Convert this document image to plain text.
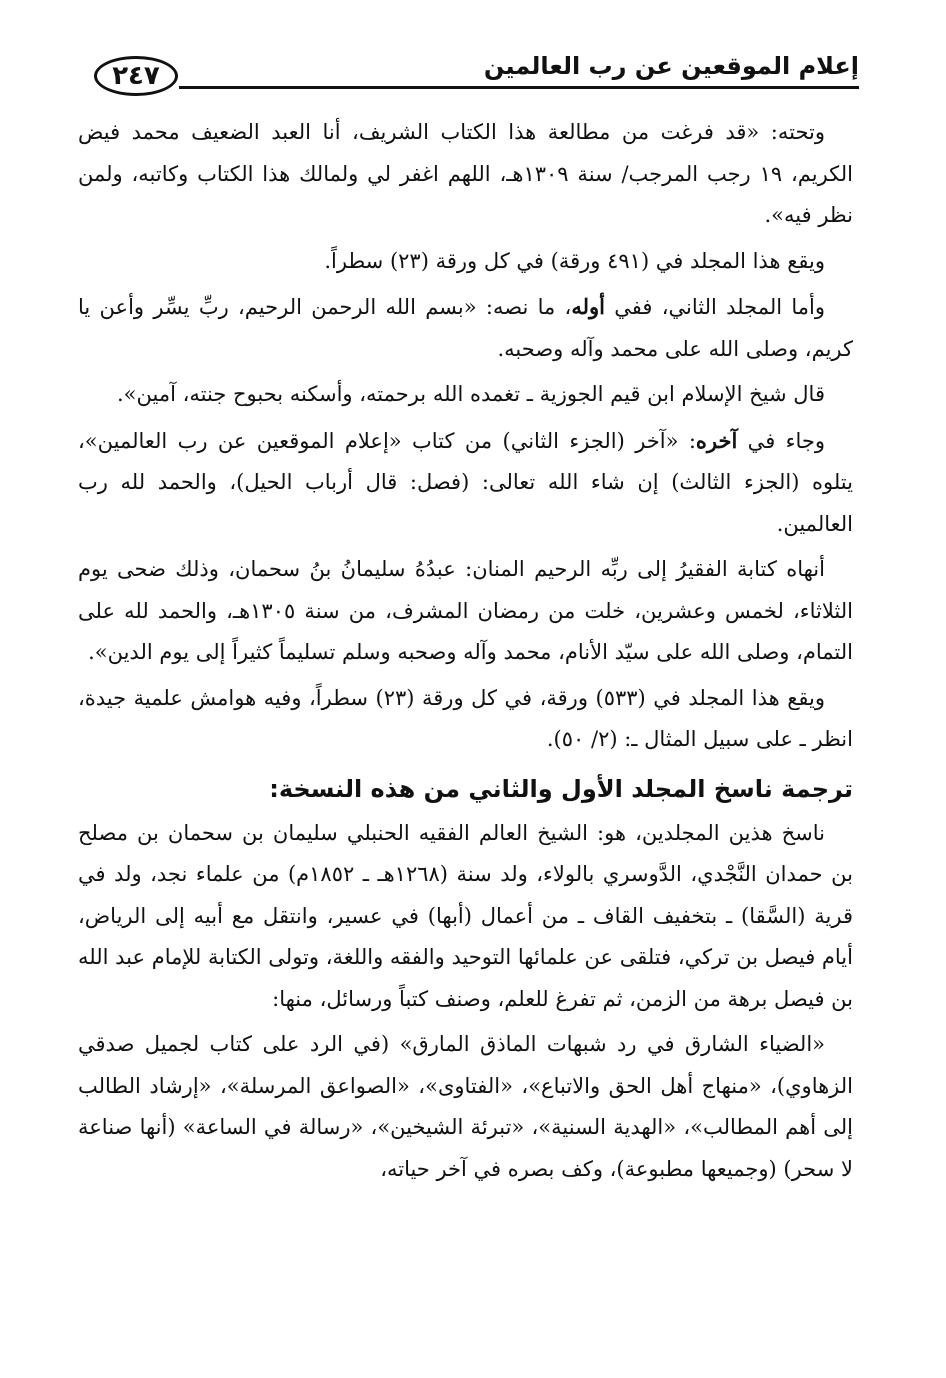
إعلام الموقعين عن رب العالمين
٢٤٧

وتحته: «قد فرغت من مطالعة هذا الكتاب الشريف، أنا العبد الضعيف محمد فيض الكريم، ١٩ رجب المرجب/ سنة ١٣٠٩هـ، اللهم اغفر لي ولمالك هذا الكتاب وكاتبه، ولمن نظر فيه».

ويقع هذا المجلد في (٤٩١ ورقة) في كل ورقة (٢٣) سطراً.

وأما المجلد الثاني، ففي أوله، ما نصه: «بسم الله الرحمن الرحيم، ربِّ يسِّر وأعن يا كريم، وصلى الله على محمد وآله وصحبه.

قال شيخ الإسلام ابن قيم الجوزية ـ تغمده الله برحمته، وأسكنه بحبوح جنته، آمين».

وجاء في آخره: «آخر (الجزء الثاني) من كتاب «إعلام الموقعين عن رب العالمين»، يتلوه (الجزء الثالث) إن شاء الله تعالى: (فصل: قال أرباب الحيل)، والحمد لله رب العالمين.

أنهاه كتابة الفقيرُ إلى ربِّه الرحيم المنان: عبدُهُ سليمانُ بنُ سحمان، وذلك ضحى يوم الثلاثاء، لخمس وعشرين، خلت من رمضان المشرف، من سنة ١٣٠٥هـ، والحمد لله على التمام، وصلى الله على سيّد الأنام، محمد وآله وصحبه وسلم تسليماً كثيراً إلى يوم الدين».

ويقع هذا المجلد في (٥٣٣) ورقة، في كل ورقة (٢٣) سطراً، وفيه هوامش علمية جيدة، انظر ـ على سبيل المثال ـ: (٢/ ٥٠).

ترجمة ناسخ المجلد الأول والثاني من هذه النسخة:

ناسخ هذين المجلدين، هو: الشيخ العالم الفقيه الحنبلي سليمان بن سحمان بن مصلح بن حمدان النَّجْدي، الدَّوسري بالولاء، ولد سنة (١٢٦٨هـ ـ ١٨٥٢م) من علماء نجد، ولد في قرية (السَّقا) ـ بتخفيف القاف ـ من أعمال (أبها) في عسير، وانتقل مع أبيه إلى الرياض، أيام فيصل بن تركي، فتلقى عن علمائها التوحيد والفقه واللغة، وتولى الكتابة للإمام عبد الله بن فيصل برهة من الزمن، ثم تفرغ للعلم، وصنف كتباً ورسائل، منها:

«الضياء الشارق في رد شبهات الماذق المارق» (في الرد على كتاب لجميل صدقي الزهاوي)، «منهاج أهل الحق والاتباع»، «الفتاوى»، «الصواعق المرسلة»، «إرشاد الطالب إلى أهم المطالب»، «الهدية السنية»، «تبرئة الشيخين»، «رسالة في الساعة» (أنها صناعة لا سحر) (وجميعها مطبوعة)، وكف بصره في آخر حياته،
